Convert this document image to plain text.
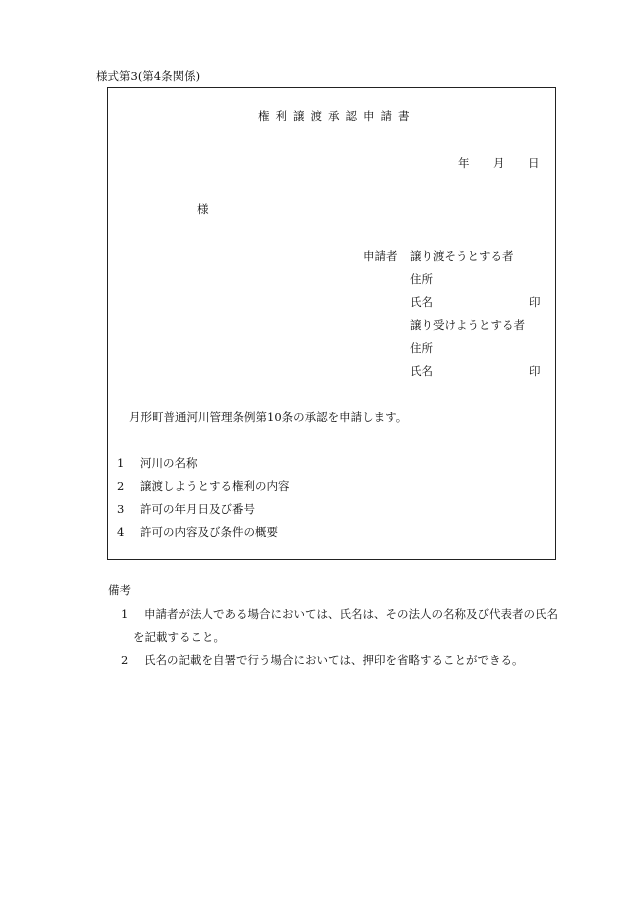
様式第3(第4条関係)
権利譲渡承認申請書
年 月 日
様
申請者 譲り渡そうとする者
住所
氏名	印
譲り受けようとする者
住所
氏名	印
月形町普通河川管理条例第10条の承認を申請します。
1 河川の名称
2 譲渡しようとする権利の内容
3 許可の年月日及び番号
4 許可の内容及び条件の概要
備考
1 申請者が法人である場合においては、氏名は、その法人の名称及び代表者の氏名
を記載すること。
2 氏名の記載を自署で行う場合においては、押印を省略することができる。
